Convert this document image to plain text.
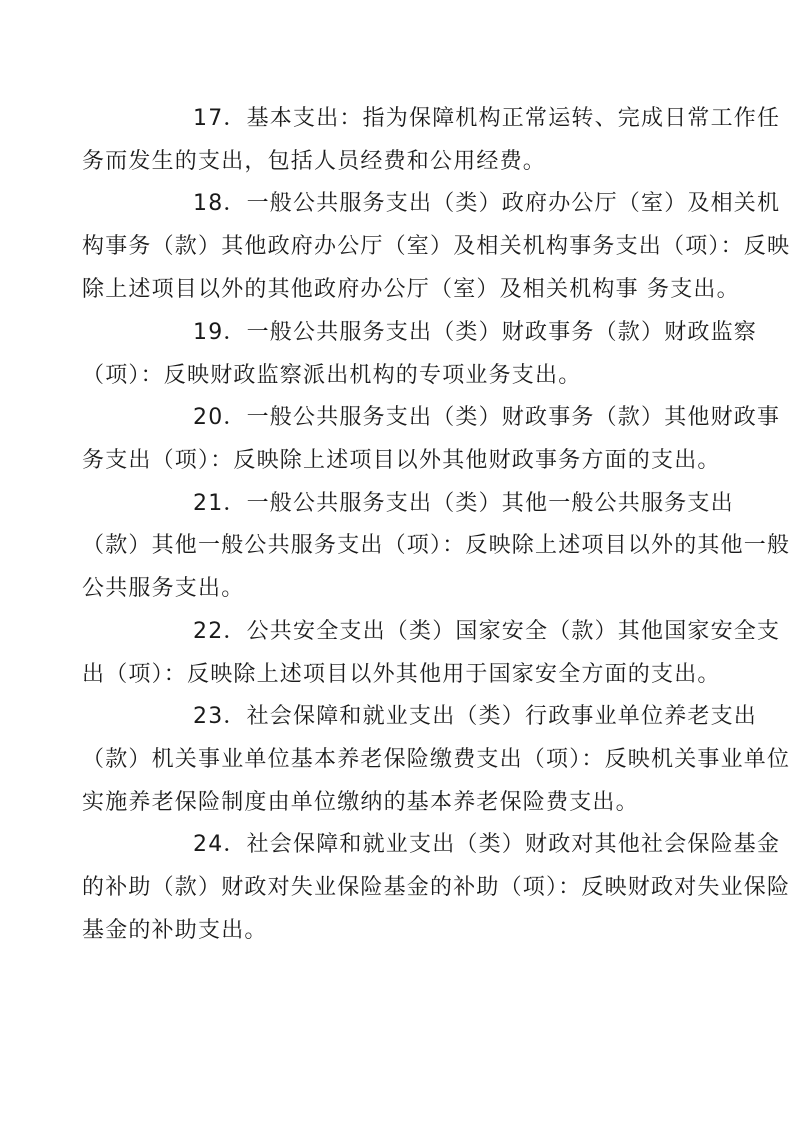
17．基本支出：指为保障机构正常运转、完成日常工作任
务而发生的支出，包括人员经费和公用经费。
18．一般公共服务支出（类）政府办公厅（室）及相关机
构事务（款）其他政府办公厅（室）及相关机构事务支出（项）：反映
除上述项目以外的其他政府办公厅（室）及相关机构事 务支出。
19．一般公共服务支出（类）财政事务（款）财政监察
（项）：反映财政监察派出机构的专项业务支出。
20．一般公共服务支出（类）财政事务（款）其他财政事
务支出（项）：反映除上述项目以外其他财政事务方面的支出。
21．一般公共服务支出（类）其他一般公共服务支出
（款）其他一般公共服务支出（项）：反映除上述项目以外的其他一般
公共服务支出。
22．公共安全支出（类）国家安全（款）其他国家安全支
出（项）：反映除上述项目以外其他用于国家安全方面的支出。
23．社会保障和就业支出（类）行政事业单位养老支出
（款）机关事业单位基本养老保险缴费支出（项）：反映机关事业单位
实施养老保险制度由单位缴纳的基本养老保险费支出。
24．社会保障和就业支出（类）财政对其他社会保险基金
的补助（款）财政对失业保险基金的补助（项）：反映财政对失业保险
基金的补助支出。
